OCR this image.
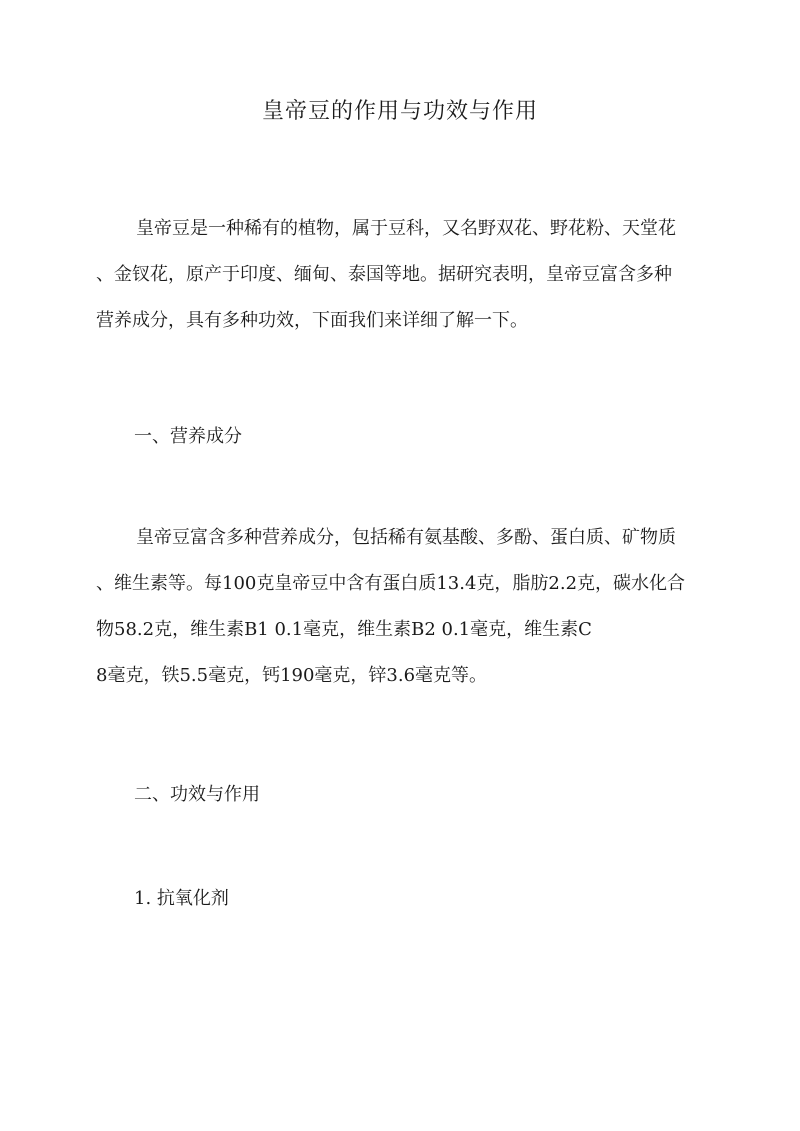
皇帝豆的作用与功效与作用
皇帝豆是一种稀有的植物，属于豆科，又名野双花、野花粉、天堂花
、金钗花，原产于印度、缅甸、泰国等地。据研究表明，皇帝豆富含多种
营养成分，具有多种功效，下面我们来详细了解一下。
一、营养成分
皇帝豆富含多种营养成分，包括稀有氨基酸、多酚、蛋白质、矿物质
、维生素等。每100克皇帝豆中含有蛋白质13.4克，脂肪2.2克，碳水化合
物58.2克，维生素B1 0.1毫克，维生素B2 0.1毫克，维生素C
8毫克，铁5.5毫克，钙190毫克，锌3.6毫克等。
二、功效与作用
1. 抗氧化剂
